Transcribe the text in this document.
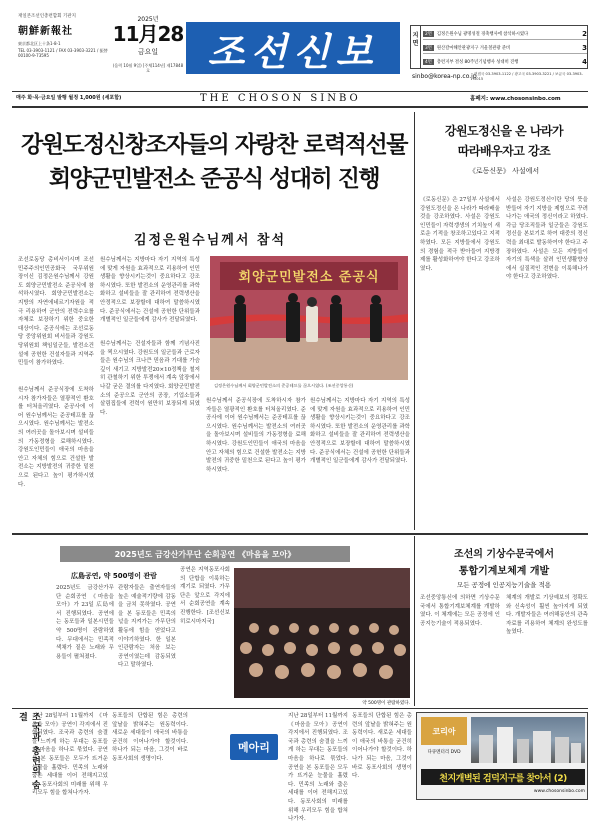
재일본조선인총련합회 기관지
朝鮮新報社
東京都北区上十条1-8-1
TEL 03-3903-1121 / FAX 03-3903-3221 / 振替 00100-9-73595
2025년
11月28
금요일
(음력 10월 9일) [주체114년] 제17848호	조선신보	지
면
2면	김정은원수님 광명성절 경축행사에 참석하시였다	2
3면	원산갈마해안관광지구 겨울철관광 준비	3
4면	총련지부 결성 80주년기념행사 성대히 진행	4
sinbo@korea-np.co.jp
편집국 03-3903-1122 / 광고국 03-3903-3221 / 보급국 03-3903-5015
매주 화·목·금요일 발행 월정 1,000원 (세포함)	THE CHOSON SINBO	홈페지: www.chosonsinbo.com
강원도정신창조자들의 자랑찬 로력적선물
회양군민발전소 준공식 성대히 진행
김정은원수님께서 참석
조선로동당 총비서이시며 조선민주주의인민공화국 국무위원장이신 김정은원수님께서 강원도 회양군민발전소 준공식에 참석하시였다. 회양군민발전소는 지방의 자연에네르기자원을 적극 리용하여 군안의 전력수요를 자체로 보장하기 위한 중요한 대상이다. 준공식에는 조선로동당 중앙위원회 비서들과 강원도당위원회 책임일군들, 발전소건설에 공헌한 건설자들과 지역주민들이 참가하였다.
원수님께서 준공식장에 도착하시자 참가자들은 열광적인 환호를 터쳐올리였다. 준공사에 이어 원수님께서는 준공테프를 끊으시였다. 원수님께서는 발전소의 여러곳을 돌아보시며 설비들의 가동정형을 료해하시였다. 강원도인민들이 애국의 마음을 안고 자체의 힘으로 건설한 발전소는 지방발전의 귀중한 밑천으로 된다고 높이 평가하시였다.
원수님께서는 지방마다 자기 지역의 특성에 맞게 자원을 효과적으로 리용하여 인민생활을 향상시키는것이 중요하다고 강조하시였다. 또한 발전소의 운영관리를 과학화하고 설비들을 잘 관리하여 전력생산을 안정적으로 보장할데 대하여 말씀하시였다. 준공식에서는 건설에 공헌한 단위들과 개별적인 일군들에게 감사가 전달되였다.
회양군민발전소 준공식
김정은원수님께서 회양군민발전소의 준공테프를 끊으시였다. (조선중앙통신)
원수님께서는 건설자들과 함께 기념사진을 찍으시였다. 강원도의 일군들과 근로자들은 원수님의 크나큰 믿음과 기대를 가슴깊이 새기고 지방발전20×10정책을 철저히 관철하기 위한 투쟁에서 계속 앞장에서 나갈 굳은 결의를 다지였다. 회양군민발전소의 준공으로 군안의 공장, 기업소들과 살림집들에 전력이 원만히 보장되게 되였다.
원수님께서 준공식장에 도착하시자 참가자들은 열광적인 환호를 터쳐올리였다. 준공사에 이어 원수님께서는 준공테프를 끊으시였다. 원수님께서는 발전소의 여러곳을 돌아보시며 설비들의 가동정형을 료해하시였다. 강원도인민들이 애국의 마음을 안고 자체의 힘으로 건설한 발전소는 지방발전의 귀중한 밑천으로 된다고 높이 평가하시였다.
원수님께서는 지방마다 자기 지역의 특성에 맞게 자원을 효과적으로 리용하여 인민생활을 향상시키는것이 중요하다고 강조하시였다. 또한 발전소의 운영관리를 과학화하고 설비들을 잘 관리하여 전력생산을 안정적으로 보장할데 대하여 말씀하시였다. 준공식에서는 건설에 공헌한 단위들과 개별적인 일군들에게 감사가 전달되였다.
강원도정신을 온 나라가
따라배우자고 강조
《로동신문》 사설에서
《로동신문》은 27일부 사설에서 강원도정신을 온 나라가 따라배울것을 강조하였다. 사설은 강원도인민들이 자력갱생의 기치높이 새로운 기적을 창조하고있다고 지적하였다. 모든 지방들에서 강원도의 경험을 적극 받아들여 지방경제를 활성화하여야 한다고 강조하였다.
사설은 강원도정신이란 당의 뜻을 받들어 자기 지방을 제힘으로 꾸려나가는 애국의 정신이라고 하였다. 각급 당조직들과 일군들은 강원도정신을 본보기로 하여 대중의 정신력을 최대로 발동하여야 한다고 주장하였다. 사설은 모든 지방들이 자기의 특색을 살려 인민생활향상에서 실질적인 전변을 이룩해나가야 한다고 강조하였다.
2025년도 금강산가무단 순회공연 《마음을 모아》
広島공연, 약 500명이 관람
2025년도 금강산가무단 순회공연 《마음을 모아》가 23일 広島에서 진행되였다. 공연에는 동포들과 일본시민들 약 500명이 관람하였다. 무대에서는 민족적색채가 짙은 노래와 무용들이 펼쳐졌다.
관람자들은 출연자들의 높은 예술적기량에 감동을 금치 못하였다. 공연을 본 동포들은 민족의 넋을 지켜가는 가무단의 활동에 힘을 얻었다고 이야기하였다. 한 일본인관람자는 처음 보는 공연이였는데 감동되였다고 말하였다.
공연은 지역동포사회의 단합을 이룩하는 계기로 되였다. 가무단은 앞으로 각지에서 순회공연을 계속 진행한다. [조선신보 히로시마지국]
약 500명이 관람하였다.
조선의 기상수문국에서
통합기계보체계 개발
모든 공정에 인공지능기술을 적용
조선중앙통신에 의하면 기상수문국에서 통합기계보체계를 개발하였다. 이 체계에는 모든 공정에 인공지능기술이 적용되였다.
체계의 개발로 기상예보의 정확도와 신속성이 훨씬 높아지게 되였다. 개발자들은 여러해동안의 관측자료를 리용하여 체계의 완성도를 높였다.
조국과 총련의 숨결 지난 28일부터 11월까지 《마음을 모아》공연이 각지에서 진행되였다. 조국과 총련의 숨결을 느끼게 하는 무대는 동포들의 마음을 하나로 묶었다. 공연을 본 동포들은 모두가 뜨거운 눈물을 흘렸다. 민족의 노래와 춤은 세대를 이어 전해지고있다. 동포사회의 미래를 위해 우리모두 힘을 합쳐나가자.
동포들의 단합된 힘은 총련의 앞날을 밝혀주는 원동력이다. 새로운 세대들이 애국의 바통을 굳건히 이어나가야 할것이다. 하나가 되는 마음, 그것이 바로 동포사회의 생명이다.
메아리
지난 28일부터 11월까지 《마음을 모아》공연이 각지에서 진행되였다. 조국과 총련의 숨결을 느끼게 하는 무대는 동포들의 마음을 하나로 묶었다. 공연을 본 동포들은 모두가 뜨거운 눈물을 흘렸다. 민족의 노래와 춤은 세대를 이어 전해지고있다. 동포사회의 미래를 위해 우리모두 힘을 합쳐나가자.
동포들의 단합된 힘은 총련의 앞날을 밝혀주는 원동력이다. 새로운 세대들이 애국의 바통을 굳건히 이어나가야 할것이다. 하나가 되는 마음, 그것이 바로 동포사회의 생명이다.
코리아
다큐멘터리 DVD
천지개벽된 검덕지구를 찾아서 (2)
www.chosonsinbo.com
